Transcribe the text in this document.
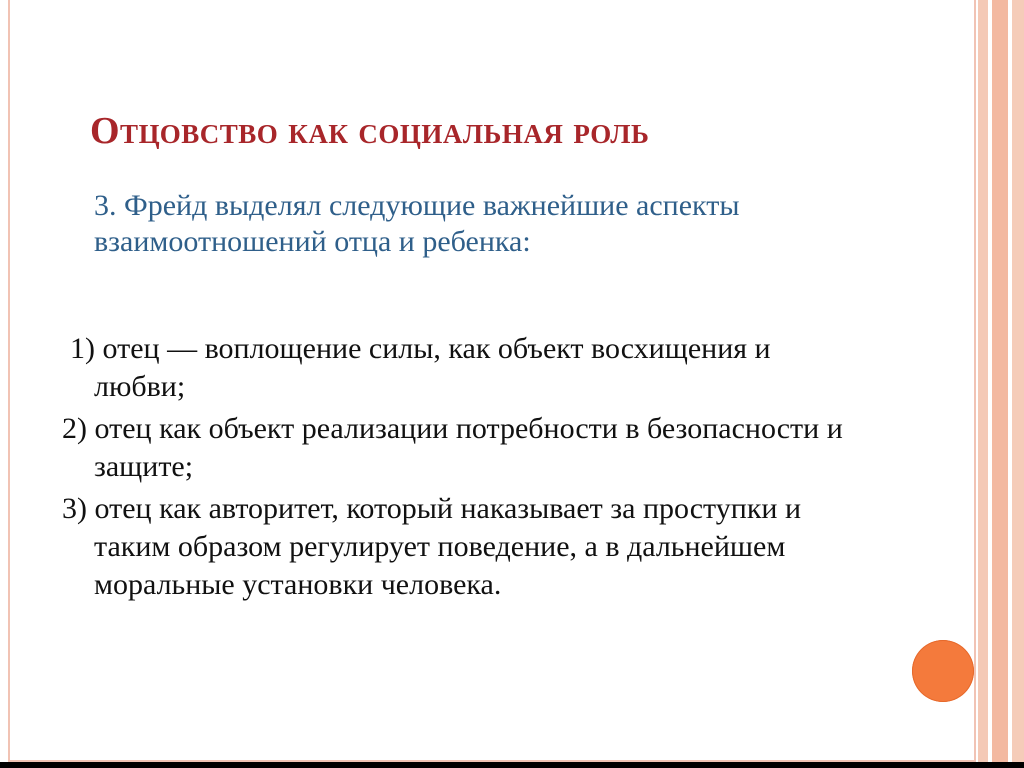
Отцовство как социальная роль
3. Фрейд выделял следующие важнейшие аспекты взаимоотношений отца и ребенка:
1) отец — воплощение силы, как объект восхищения и любви;
2) отец как объект реализации потребности в безопасности и защите;
3) отец как авторитет, который наказывает за проступки и таким образом регулирует поведение, а в дальнейшем моральные установки человека.
